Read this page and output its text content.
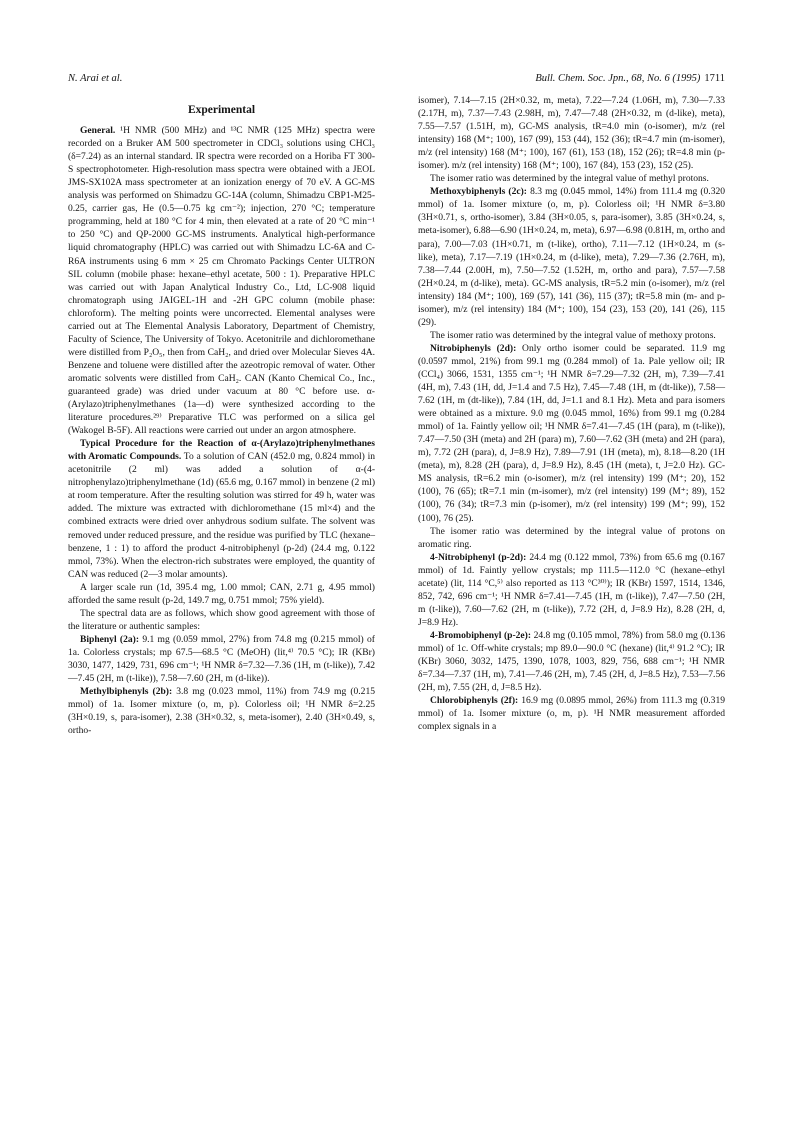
N. Arai et al.	Bull. Chem. Soc. Jpn., 68, No. 6 (1995) 1711
Experimental

General. ¹H NMR (500 MHz) and ¹³C NMR (125 MHz) spectra were recorded on a Bruker AM 500 spectrometer in CDCl₃ solutions using CHCl₃ (δ=7.24) as an internal standard. IR spectra were recorded on a Horiba FT 300-S spectrophotometer. High-resolution mass spectra were obtained with a JEOL JMS-SX102A mass spectrometer at an ionization energy of 70 eV. A GC-MS analysis was performed on Shimadzu GC-14A (column, Shimadzu CBP1-M25-0.25, carrier gas, He (0.5—0.75 kg cm⁻²); injection, 270 °C; temperature programming, held at 180 °C for 4 min, then elevated at a rate of 20 °C min⁻¹ to 250 °C) and QP-2000 GC-MS instruments. Analytical high-performance liquid chromatography (HPLC) was carried out with Shimadzu LC-6A and C-R6A instruments using 6 mm × 25 cm Chromato Packings Center ULTRON SIL column (mobile phase: hexane–ethyl acetate, 500 : 1). Preparative HPLC was carried out with Japan Analytical Industry Co., Ltd, LC-908 liquid chromatograph using JAIGEL-1H and -2H GPC column (mobile phase: chloroform). The melting points were uncorrected. Elemental analyses were carried out at The Elemental Analysis Laboratory, Department of Chemistry, Faculty of Science, The University of Tokyo. Acetonitrile and dichloromethane were distilled from P₂O₅, then from CaH₂, and dried over Molecular Sieves 4A. Benzene and toluene were distilled after the azeotropic removal of water. Other aromatic solvents were distilled from CaH₂. CAN (Kanto Chemical Co., Inc., guaranteed grade) was dried under vacuum at 80 °C before use. α-(Arylazo)triphenylmethanes (1a—d) were synthesized according to the literature procedures.²⁹⁾ Preparative TLC was performed on a silica gel (Wakogel B-5F). All reactions were carried out under an argon atmosphere.

Typical Procedure for the Reaction of α-(Arylazo)triphenylmethanes with Aromatic Compounds. To a solution of CAN (452.0 mg, 0.824 mmol) in acetonitrile (2 ml) was added a solution of α-(4-nitrophenylazo)triphenylmethane (1d) (65.6 mg, 0.167 mmol) in benzene (2 ml) at room temperature. After the resulting solution was stirred for 49 h, water was added. The mixture was extracted with dichloromethane (15 ml×4) and the combined extracts were dried over anhydrous sodium sulfate. The solvent was removed under reduced pressure, and the residue was purified by TLC (hexane–benzene, 1 : 1) to afford the product 4-nitrobiphenyl (p-2d) (24.4 mg, 0.122 mmol, 73%). When the electron-rich substrates were employed, the quantity of CAN was reduced (2—3 molar amounts).

A larger scale run (1d, 395.4 mg, 1.00 mmol; CAN, 2.71 g, 4.95 mmol) afforded the same result (p-2d, 149.7 mg, 0.751 mmol; 75% yield).

The spectral data are as follows, which show good agreement with those of the literature or authentic samples:

Biphenyl (2a): 9.1 mg (0.059 mmol, 27%) from 74.8 mg (0.215 mmol) of 1a. Colorless crystals; mp 67.5—68.5 °C (MeOH) (lit,⁴⁾ 70.5 °C); IR (KBr) 3030, 1477, 1429, 731, 696 cm⁻¹; ¹H NMR δ=7.32—7.36 (1H, m (t-like)), 7.42—7.45 (2H, m (t-like)), 7.58—7.60 (2H, m (d-like)).

Methylbiphenyls (2b): 3.8 mg (0.023 mmol, 11%) from 74.9 mg (0.215 mmol) of 1a. Isomer mixture (o, m, p). Colorless oil; ¹H NMR δ=2.25 (3H×0.19, s, para-isomer), 2.38 (3H×0.32, s, meta-isomer), 2.40 (3H×0.49, s, ortho-

isomer), 7.14—7.15 (2H×0.32, m, meta), 7.22—7.24 (1.06H, m), 7.30—7.33 (2.17H, m), 7.37—7.43 (2.98H, m), 7.47—7.48 (2H×0.32, m (d-like), meta), 7.55—7.57 (1.51H, m), GC-MS analysis, tR=4.0 min (o-isomer), m/z (rel intensity) 168 (M⁺; 100), 167 (99), 153 (44), 152 (36); tR=4.7 min (m-isomer), m/z (rel intensity) 168 (M⁺; 100), 167 (61), 153 (18), 152 (26); tR=4.8 min (p-isomer). m/z (rel intensity) 168 (M⁺; 100), 167 (84), 153 (23), 152 (25).

The isomer ratio was determined by the integral value of methyl protons.

Methoxybiphenyls (2c): 8.3 mg (0.045 mmol, 14%) from 111.4 mg (0.320 mmol) of 1a. Isomer mixture (o, m, p). Colorless oil; ¹H NMR δ=3.80 (3H×0.71, s, ortho-isomer), 3.84 (3H×0.05, s, para-isomer), 3.85 (3H×0.24, s, meta-isomer), 6.88—6.90 (1H×0.24, m, meta), 6.97—6.98 (0.81H, m, ortho and para), 7.00—7.03 (1H×0.71, m (t-like), ortho), 7.11—7.12 (1H×0.24, m (s-like), meta), 7.17—7.19 (1H×0.24, m (d-like), meta), 7.29—7.36 (2.76H, m), 7.38—7.44 (2.00H, m), 7.50—7.52 (1.52H, m, ortho and para), 7.57—7.58 (2H×0.24, m (d-like), meta). GC-MS analysis, tR=5.2 min (o-isomer), m/z (rel intensity) 184 (M⁺; 100), 169 (57), 141 (36), 115 (37); tR=5.8 min (m- and p-isomer), m/z (rel intensity) 184 (M⁺; 100), 154 (23), 153 (20), 141 (26), 115 (29).

The isomer ratio was determined by the integral value of methoxy protons.

Nitrobiphenyls (2d): Only ortho isomer could be separated. 11.9 mg (0.0597 mmol, 21%) from 99.1 mg (0.284 mmol) of 1a. Pale yellow oil; IR (CCl₄) 3066, 1531, 1355 cm⁻¹; ¹H NMR δ=7.29—7.32 (2H, m), 7.39—7.41 (4H, m), 7.43 (1H, dd, J=1.4 and 7.5 Hz), 7.45—7.48 (1H, m (dt-like)), 7.58—7.62 (1H, m (dt-like)), 7.84 (1H, dd, J=1.1 and 8.1 Hz). Meta and para isomers were obtained as a mixture. 9.0 mg (0.045 mmol, 16%) from 99.1 mg (0.284 mmol) of 1a. Faintly yellow oil; ¹H NMR δ=7.41—7.45 (1H (para), m (t-like)), 7.47—7.50 (3H (meta) and 2H (para) m), 7.60—7.62 (3H (meta) and 2H (para), m), 7.72 (2H (para), d, J=8.9 Hz), 7.89—7.91 (1H (meta), m), 8.18—8.20 (1H (meta), m), 8.28 (2H (para), d, J=8.9 Hz), 8.45 (1H (meta), t, J=2.0 Hz). GC-MS analysis, tR=6.2 min (o-isomer), m/z (rel intensity) 199 (M⁺; 20), 152 (100), 76 (65); tR=7.1 min (m-isomer), m/z (rel intensity) 199 (M⁺; 89), 152 (100), 76 (34); tR=7.3 min (p-isomer), m/z (rel intensity) 199 (M⁺; 99), 152 (100), 76 (25).

The isomer ratio was determined by the integral value of protons on aromatic ring.

4-Nitrobiphenyl (p-2d): 24.4 mg (0.122 mmol, 73%) from 65.6 mg (0.167 mmol) of 1d. Faintly yellow crystals; mp 111.5—112.0 °C (hexane–ethyl acetate) (lit, 114 °C,⁵⁾ also reported as 113 °C³⁰⁾); IR (KBr) 1597, 1514, 1346, 852, 742, 696 cm⁻¹; ¹H NMR δ=7.41—7.45 (1H, m (t-like)), 7.47—7.50 (2H, m (t-like)), 7.60—7.62 (2H, m (t-like)), 7.72 (2H, d, J=8.9 Hz), 8.28 (2H, d, J=8.9 Hz).

4-Bromobiphenyl (p-2e): 24.8 mg (0.105 mmol, 78%) from 58.0 mg (0.136 mmol) of 1c. Off-white crystals; mp 89.0—90.0 °C (hexane) (lit,⁴⁾ 91.2 °C); IR (KBr) 3060, 3032, 1475, 1390, 1078, 1003, 829, 756, 688 cm⁻¹; ¹H NMR δ=7.34—7.37 (1H, m), 7.41—7.46 (2H, m), 7.45 (2H, d, J=8.5 Hz), 7.53—7.56 (2H, m), 7.55 (2H, d, J=8.5 Hz).

Chlorobiphenyls (2f): 16.9 mg (0.0895 mmol, 26%) from 111.3 mg (0.319 mmol) of 1a. Isomer mixture (o, m, p). ¹H NMR measurement afforded complex signals in a
